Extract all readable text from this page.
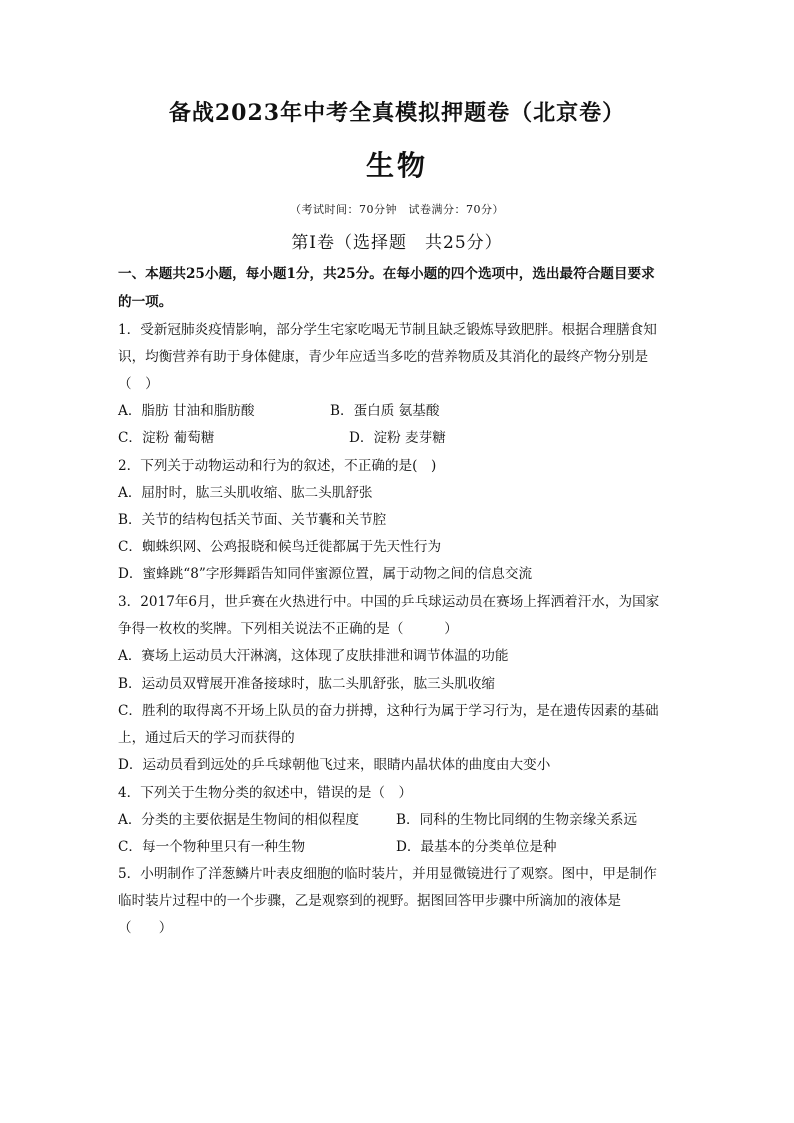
备战2023年中考全真模拟押题卷（北京卷）
生物
（考试时间：70分钟　试卷满分：70分）
第Ⅰ卷（选择题　共25分）
一、本题共25小题，每小题1分，共25分。在每小题的四个选项中，选出最符合题目要求
的一项。
1．受新冠肺炎疫情影响，部分学生宅家吃喝无节制且缺乏锻炼导致肥胖。根据合理膳食知
识，均衡营养有助于身体健康，青少年应适当多吃的营养物质及其消化的最终产物分别是
（　）
A．脂肪 甘油和脂肪酸	B．蛋白质 氨基酸
C．淀粉 葡萄糖	D．淀粉 麦芽糖
2．下列关于动物运动和行为的叙述，不正确的是(　)
A．屈肘时，肱三头肌收缩、肱二头肌舒张
B．关节的结构包括关节面、关节囊和关节腔
C．蜘蛛织网、公鸡报晓和候鸟迁徙都属于先天性行为
D．蜜蜂跳“8”字形舞蹈告知同伴蜜源位置，属于动物之间的信息交流
3．2017年6月，世乒赛在火热进行中。中国的乒乓球运动员在赛场上挥洒着汗水，为国家
争得一枚枚的奖牌。下列相关说法不正确的是（　　　）
A．赛场上运动员大汗淋漓，这体现了皮肤排泄和调节体温的功能
B．运动员双臂展开准备接球时，肱二头肌舒张，肱三头肌收缩
C．胜利的取得离不开场上队员的奋力拼搏，这种行为属于学习行为，是在遗传因素的基础
上，通过后天的学习而获得的
D．运动员看到远处的乒乓球朝他飞过来，眼睛内晶状体的曲度由大变小
4．下列关于生物分类的叙述中，错误的是（　）
A．分类的主要依据是生物间的相似程度	B．同科的生物比同纲的生物亲缘关系远
C．每一个物种里只有一种生物	D．最基本的分类单位是种
5．小明制作了洋葱鳞片叶表皮细胞的临时装片，并用显微镜进行了观察。图中，甲是制作
临时装片过程中的一个步骤，乙是观察到的视野。据图回答甲步骤中所滴加的液体是
（　　）
